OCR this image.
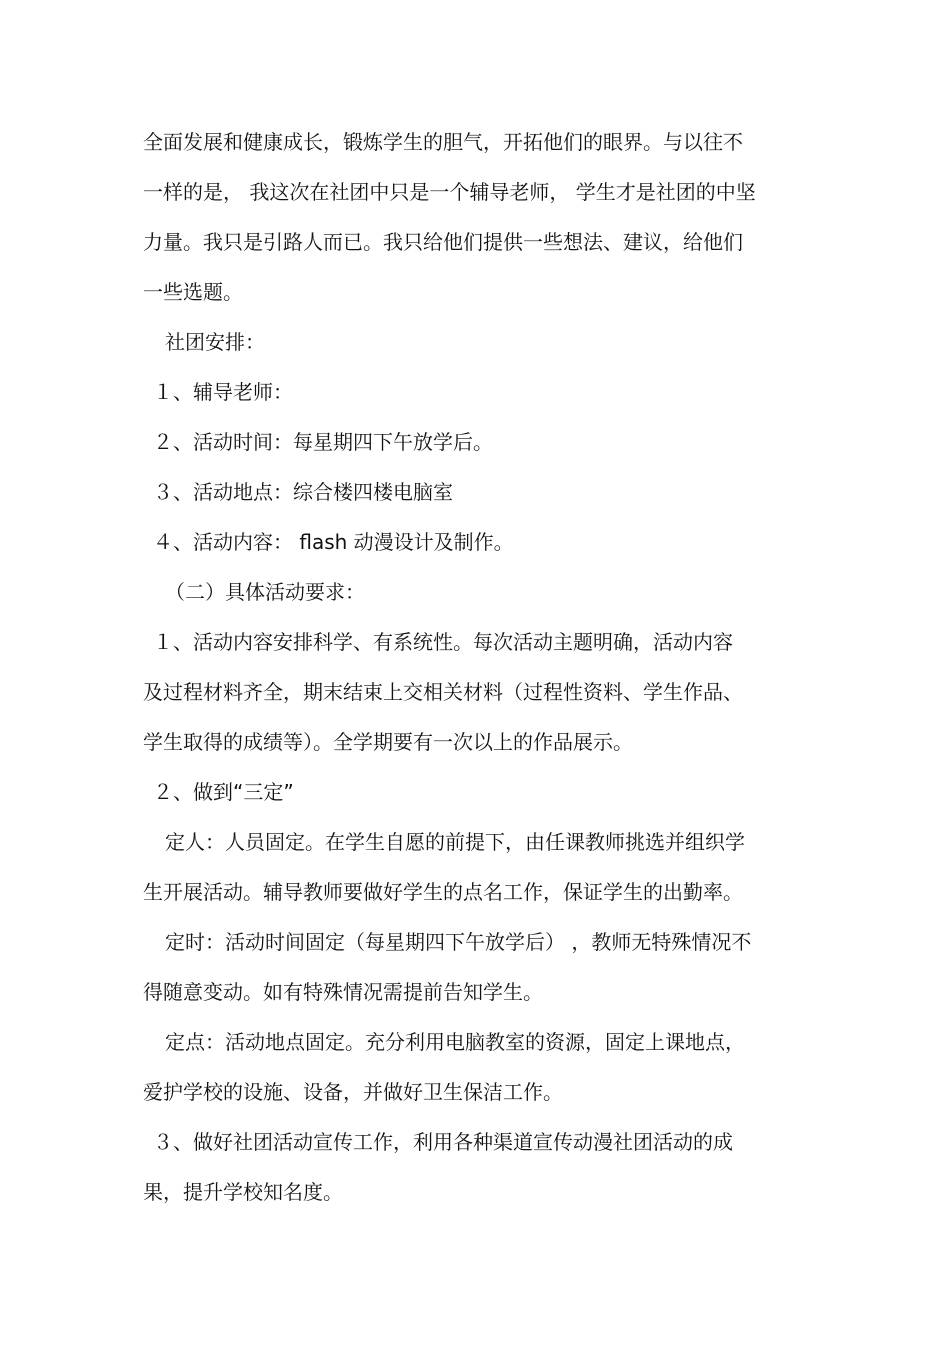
全面发展和健康成长，锻炼学生的胆气，开拓他们的眼界。与以往不
一样的是， 我这次在社团中只是一个辅导老师， 学生才是社团的中坚
力量。我只是引路人而已。我只给他们提供一些想法、建议，给他们
一些选题。
社团安排：
１、辅导老师：
２、活动时间：每星期四下午放学后。
３、活动地点：综合楼四楼电脑室
４、活动内容： flash 动漫设计及制作。
（二）具体活动要求：
１、活动内容安排科学、有系统性。每次活动主题明确，活动内容
及过程材料齐全，期末结束上交相关材料（过程性资料、学生作品、
学生取得的成绩等）。全学期要有一次以上的作品展示。
２、做到“三定”
定人：人员固定。在学生自愿的前提下，由任课教师挑选并组织学
生开展活动。辅导教师要做好学生的点名工作，保证学生的出勤率。
定时：活动时间固定（每星期四下午放学后） ，教师无特殊情况不
得随意变动。如有特殊情况需提前告知学生。
定点：活动地点固定。充分利用电脑教室的资源，固定上课地点，
爱护学校的设施、设备，并做好卫生保洁工作。
３、做好社团活动宣传工作，利用各种渠道宣传动漫社团活动的成
果，提升学校知名度。
